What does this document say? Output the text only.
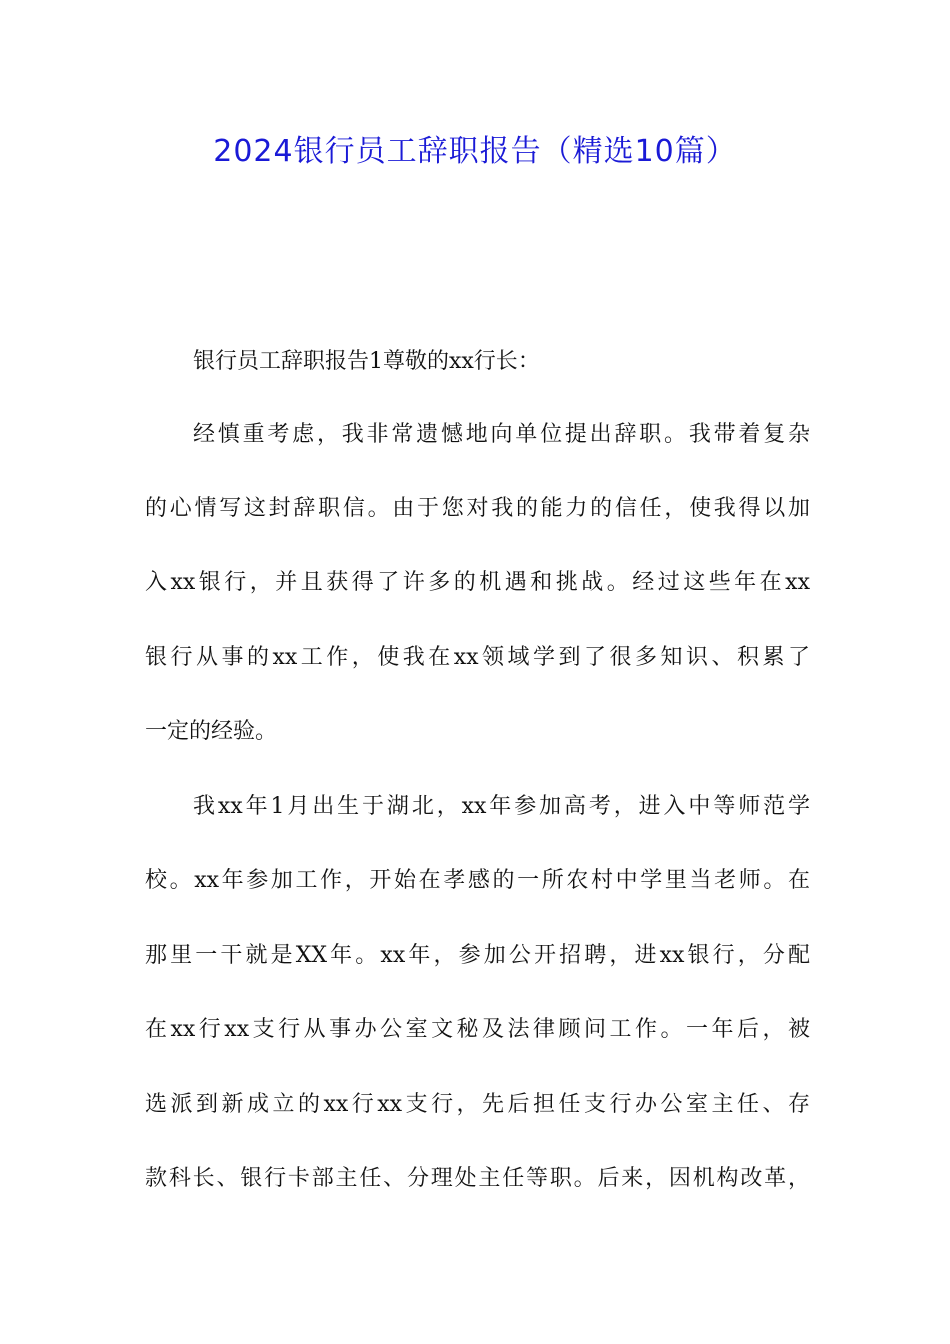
2024银行员工辞职报告（精选10篇）
银行员工辞职报告1尊敬的xx行长：
经慎重考虑，我非常遗憾地向单位提出辞职。我带着复杂
的心情写这封辞职信。由于您对我的能力的信任，使我得以加
入xx银行，并且获得了许多的机遇和挑战。经过这些年在xx
银行从事的xx工作，使我在xx领域学到了很多知识、积累了
一定的经验。
我xx年1月出生于湖北，xx年参加高考，进入中等师范学
校。xx年参加工作，开始在孝感的一所农村中学里当老师。在
那里一干就是XX年。xx年，参加公开招聘，进xx银行，分配
在xx行xx支行从事办公室文秘及法律顾问工作。一年后，被
选派到新成立的xx行xx支行，先后担任支行办公室主任、存
款科长、银行卡部主任、分理处主任等职。后来，因机构改革，
